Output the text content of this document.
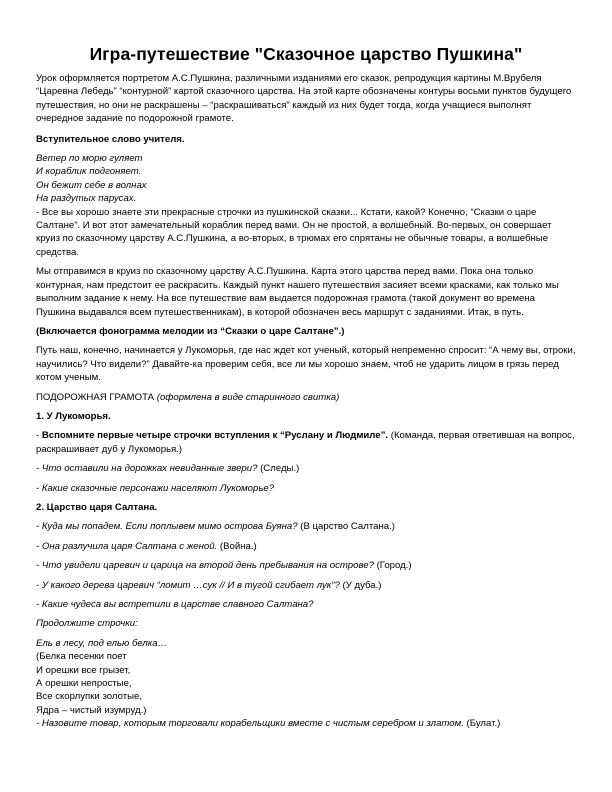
Игра-путешествие "Сказочное царство Пушкина"

Урок оформляется портретом А.С.Пушкина, различными изданиями его сказок, репродукция картины М.Врубеля “Царевна Лебедь” “контурной” картой сказочного царства. На этой карте обозначены контуры восьми пунктов будущего путешествия, но они не раскрашены – “раскрашиваться” каждый из них будет тогда, когда учащиеся выполнят очередное задание по подорожной грамоте.

Вступительное слово учителя.

Ветер по морю гуляет
И кораблик подгоняет.
Он бежит себе в волнах
На раздутых парусах.

- Все вы хорошо знаете эти прекрасные строчки из пушкинской сказки... Кстати, какой? Конечно, “Сказки о царе Салтане”. И вот этот замечательный кораблик перед вами. Он не простой, а волшебный. Во-первых, он совершает круиз по сказочному царству А.С.Пушкина, а во-вторых, в трюмах его спрятаны не обычные товары, а волшебные средства.

Мы отправимся в круиз по сказочному царству А.С.Пушкина. Карта этого царства перед вами. Пока она только контурная, нам предстоит ее раскрасить. Каждый пункт нашего путешествия засияет всеми красками, как только мы выполним задание к нему. На все путешествие вам выдается подорожная грамота (такой документ во времена Пушкина выдавался всем путешественникам), в которой обозначен весь маршрут с заданиями. Итак, в путь.

(Включается фонограмма мелодии из “Сказки о царе Салтане”.)

Путь наш, конечно, начинается у Лукоморья, где нас ждет кот ученый, который непременно спросит: “А чему вы, отроки, научились? Что видели?” Давайте-ка проверим себя, все ли мы хорошо знаем, чтоб не ударить лицом в грязь перед котом ученым.

ПОДОРОЖНАЯ ГРАМОТА (оформлена в виде старинного свитка)

1. У Лукоморья.

- Вспомните первые четыре строчки вступления к “Руслану и Людмиле”. (Команда, первая ответившая на вопрос, раскрашивает дуб у Лукоморья.)

- Что оставили на дорожках невиданные звери? (Следы.)

- Какие сказочные персонажи населяют Лукоморье?

2. Царство царя Салтана.

- Куда мы попадем. Если поплывем мимо острова Буяна? (В царство Салтана.)

- Она разлучила царя Салтана с женой. (Война.)

- Что увидели царевич и царица на второй день пребывания на острове? (Город.)

- У какого дерева царевич “ломит …сук // И в тугой сгибает лук”? (У дуба.)

- Какие чудеса вы встретили в царстве славного Салтана?

Продолжите строчки:

Ель в лесу, под елью белка…
(Белка песенки поет
И орешки все грызет,
А орешки непростые,
Все скорлупки золотые,
Ядра – чистый изумруд.)

- Назовите товар, которым торговали корабельщики вместе с чистым серебром и златом. (Булат.)
